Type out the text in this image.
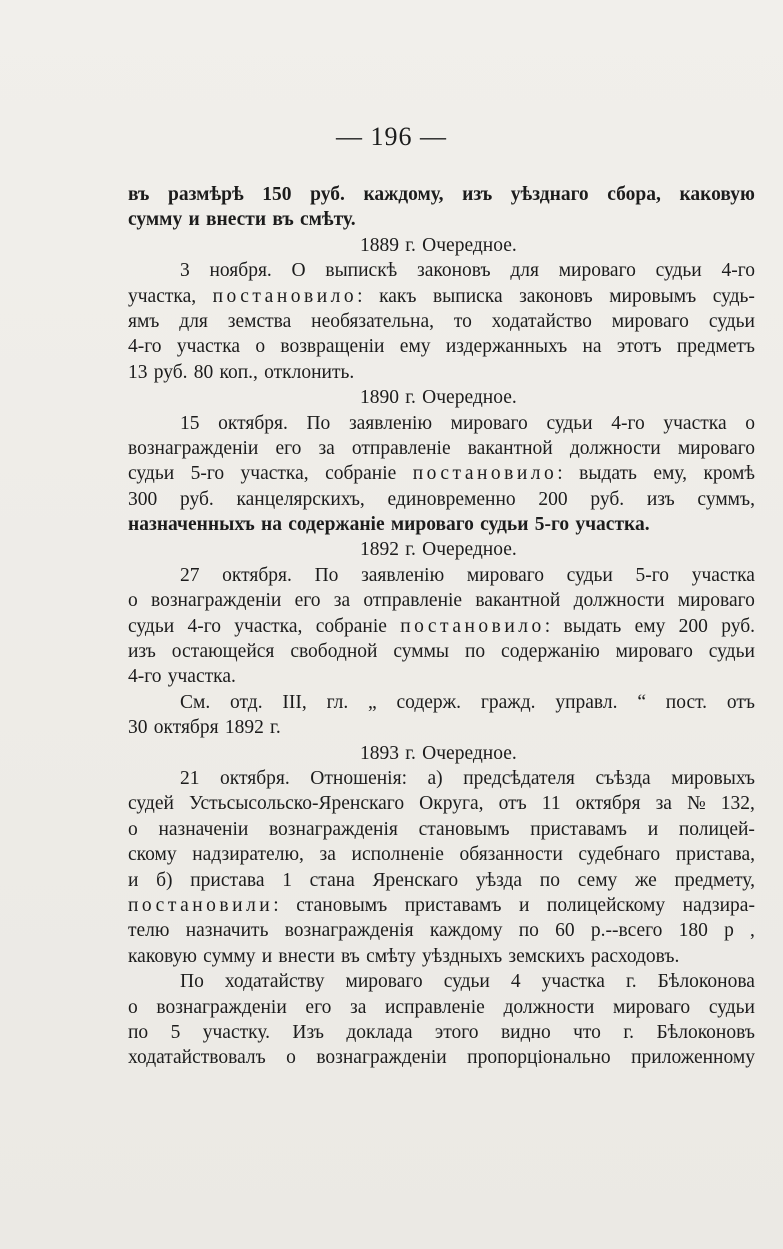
— 196 —
въ размѣрѣ 150 руб. каждому, изъ уѣзднаго сбора, каковую
сумму и внести въ смѣту.
1889 г. Очередное.
3 ноября. О выпискѣ законовъ для мироваго судьи 4-го
участка, постановило: какъ выписка законовъ мировымъ судь-
ямъ для земства необязательна, то ходатайство мироваго судьи
4-го участка о возвращеніи ему издержанныхъ на этотъ предметъ
13 руб. 80 коп., отклонить.
1890 г. Очередное.
15 октября. По заявленію мироваго судьи 4-го участка о
вознагражденіи его за отправленіе вакантной должности мироваго
судьи 5-го участка, собраніе постановило: выдать ему, кромѣ
300 руб. канцелярскихъ, единовременно 200 руб. изъ суммъ,
назначенныхъ на содержаніе мироваго судьи 5-го участка.
1892 г. Очередное.
27 октября. По заявленію мироваго судьи 5-го участка
о вознагражденіи его за отправленіе вакантной должности мироваго
судьи 4-го участка, собраніе постановило: выдать ему 200 руб.
изъ остающейся свободной суммы по содержанію мироваго судьи
4-го участка.
См. отд. III, гл. „ содерж. гражд. управл. “ пост. отъ
30 октября 1892 г.
1893 г. Очередное.
21 октября. Отношенія: а) предсѣдателя съѣзда мировыхъ
судей Устьсысольско-Яренскаго Округа, отъ 11 октября за № 132,
о назначеніи вознагражденія становымъ приставамъ и полицей-
скому надзирателю, за исполненіе обязанности судебнаго пристава,
и б) пристава 1 стана Яренскаго уѣзда по сему же предмету,
постановили: становымъ приставамъ и полицейскому надзира-
телю назначить вознагражденія каждому по 60 р.--всего 180 р ,
каковую сумму и внести въ смѣту уѣздныхъ земскихъ расходовъ.
По ходатайству мироваго судьи 4 участка г. Бѣлоконова
о вознагражденіи его за исправленіе должности мироваго судьи
по 5 участку. Изъ доклада этого видно что г. Бѣлоконовъ
ходатайствовалъ о вознагражденіи пропорціонально приложенному
